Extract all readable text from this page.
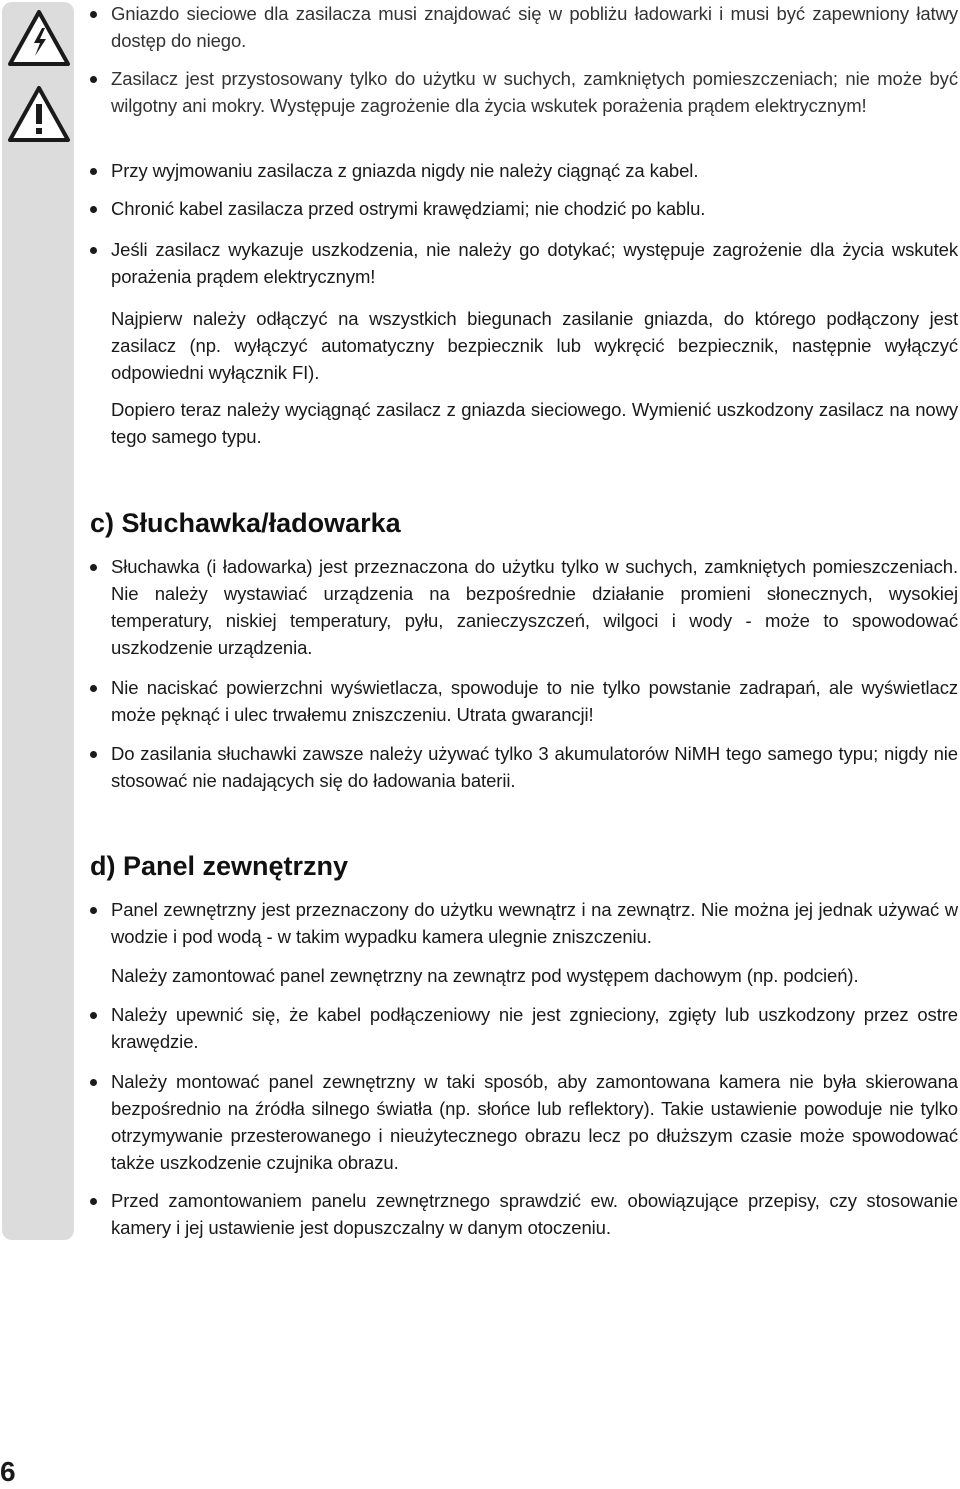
Gniazdo sieciowe dla zasilacza musi znajdować się w pobliżu ładowarki i musi być zapewniony łatwy dostęp do niego.
Zasilacz jest przystosowany tylko do użytku w suchych, zamkniętych pomieszczeniach; nie może być wilgotny ani mokry. Występuje zagrożenie dla życia wskutek porażenia prądem elektrycznym!
Przy wyjmowaniu zasilacza z gniazda nigdy nie należy ciągnąć za kabel.
Chronić kabel zasilacza przed ostrymi krawędziami; nie chodzić po kablu.
Jeśli zasilacz wykazuje uszkodzenia, nie należy go dotykać; występuje zagrożenie dla życia wskutek porażenia prądem elektrycznym!
Najpierw należy odłączyć na wszystkich biegunach zasilanie gniazda, do którego podłączony jest zasilacz (np. wyłączyć automatyczny bezpiecznik lub wykręcić bezpiecznik, następnie wyłączyć odpowiedni wyłącznik FI).
Dopiero teraz należy wyciągnąć zasilacz z gniazda sieciowego. Wymienić uszkodzony zasilacz na nowy tego samego typu.
c) Słuchawka/ładowarka
Słuchawka (i ładowarka) jest przeznaczona do użytku tylko w suchych, zamkniętych pomieszczeniach. Nie należy wystawiać urządzenia na bezpośrednie działanie promieni słonecznych, wysokiej temperatury, niskiej temperatury, pyłu, zanieczyszczeń, wilgoci i wody - może to spowodować uszkodzenie urządzenia.
Nie naciskać powierzchni wyświetlacza, spowoduje to nie tylko powstanie zadrapań, ale wyświetlacz może pęknąć i ulec trwałemu zniszczeniu. Utrata gwarancji!
Do zasilania słuchawki zawsze należy używać tylko 3 akumulatorów NiMH tego samego typu; nigdy nie stosować nie nadających się do ładowania baterii.
d) Panel zewnętrzny
Panel zewnętrzny jest przeznaczony do użytku wewnątrz i na zewnątrz. Nie można jej jednak używać w wodzie i pod wodą - w takim wypadku kamera ulegnie zniszczeniu.
Należy zamontować panel zewnętrzny na zewnątrz pod występem dachowym (np. podcień).
Należy upewnić się, że kabel podłączeniowy nie jest zgnieciony, zgięty lub uszkodzony przez ostre krawędzie.
Należy montować panel zewnętrzny w taki sposób, aby zamontowana kamera nie była skierowana bezpośrednio na źródła silnego światła (np. słońce lub reflektory). Takie ustawienie powoduje nie tylko otrzymywanie przesterowanego i nieużytecznego obrazu lecz po dłuższym czasie może spowodować także uszkodzenie czujnika obrazu.
Przed zamontowaniem panelu zewnętrznego sprawdzić ew. obowiązujące przepisy, czy stosowanie kamery i jej ustawienie jest dopuszczalny w danym otoczeniu.
6
